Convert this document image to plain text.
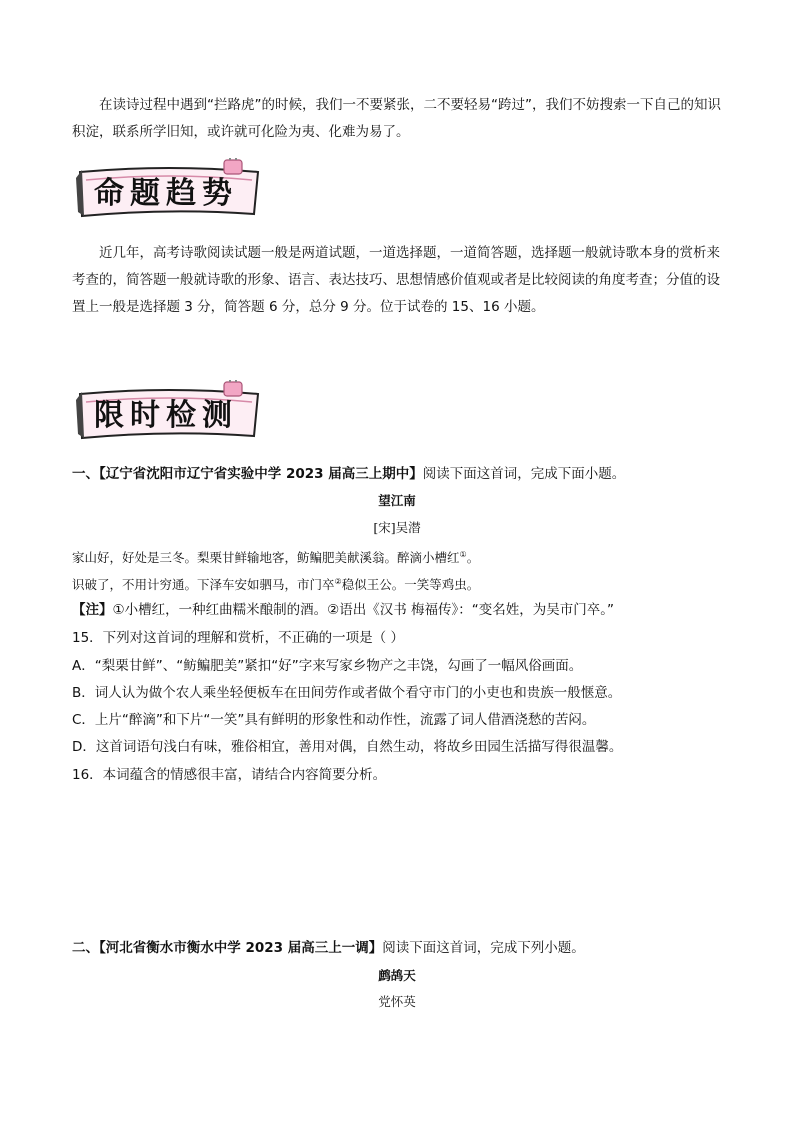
在读诗过程中遇到“拦路虎”的时候，我们一不要紧张，二不要轻易“跨过”，我们不妨搜索一下自己的知识积淀，联系所学旧知，或许就可化险为夷、化难为易了。

命题趋势

近几年，高考诗歌阅读试题一般是两道试题，一道选择题，一道简答题，选择题一般就诗歌本身的赏析来考查的，简答题一般就诗歌的形象、语言、表达技巧、思想情感价值观或者是比较阅读的角度考查；分值的设置上一般是选择题 3 分，简答题 6 分，总分 9 分。位于试卷的 15、16 小题。

限时检测
一、【辽宁省沈阳市辽宁省实验中学 2023 届高三上期中】阅读下面这首词，完成下面小题。
望江南
[宋]吴潜
家山好，好处是三冬。梨栗甘鲜输地客，鲂鳊肥美献溪翁。醉滴小槽红①。
识破了，不用计穷通。下泽车安如驷马，市门卒②稳似王公。一笑等鸡虫。
【注】①小槽红，一种红曲糯米酿制的酒。②语出《汉书 梅福传》：“变名姓，为吴市门卒。”
15．下列对这首词的理解和赏析，不正确的一项是（ ）
A．“梨栗甘鲜”、“鲂鳊肥美”紧扣“好”字来写家乡物产之丰饶，勾画了一幅风俗画面。
B．词人认为做个农人乘坐轻便板车在田间劳作或者做个看守市门的小吏也和贵族一般惬意。
C．上片“醉滴”和下片“一笑”具有鲜明的形象性和动作性，流露了词人借酒浇愁的苦闷。
D．这首词语句浅白有味，雅俗相宜，善用对偶，自然生动，将故乡田园生活描写得很温馨。
16．本词蕴含的情感很丰富，请结合内容简要分析。
二、【河北省衡水市衡水中学 2023 届高三上一调】阅读下面这首词，完成下列小题。
鹧鸪天
党怀英
